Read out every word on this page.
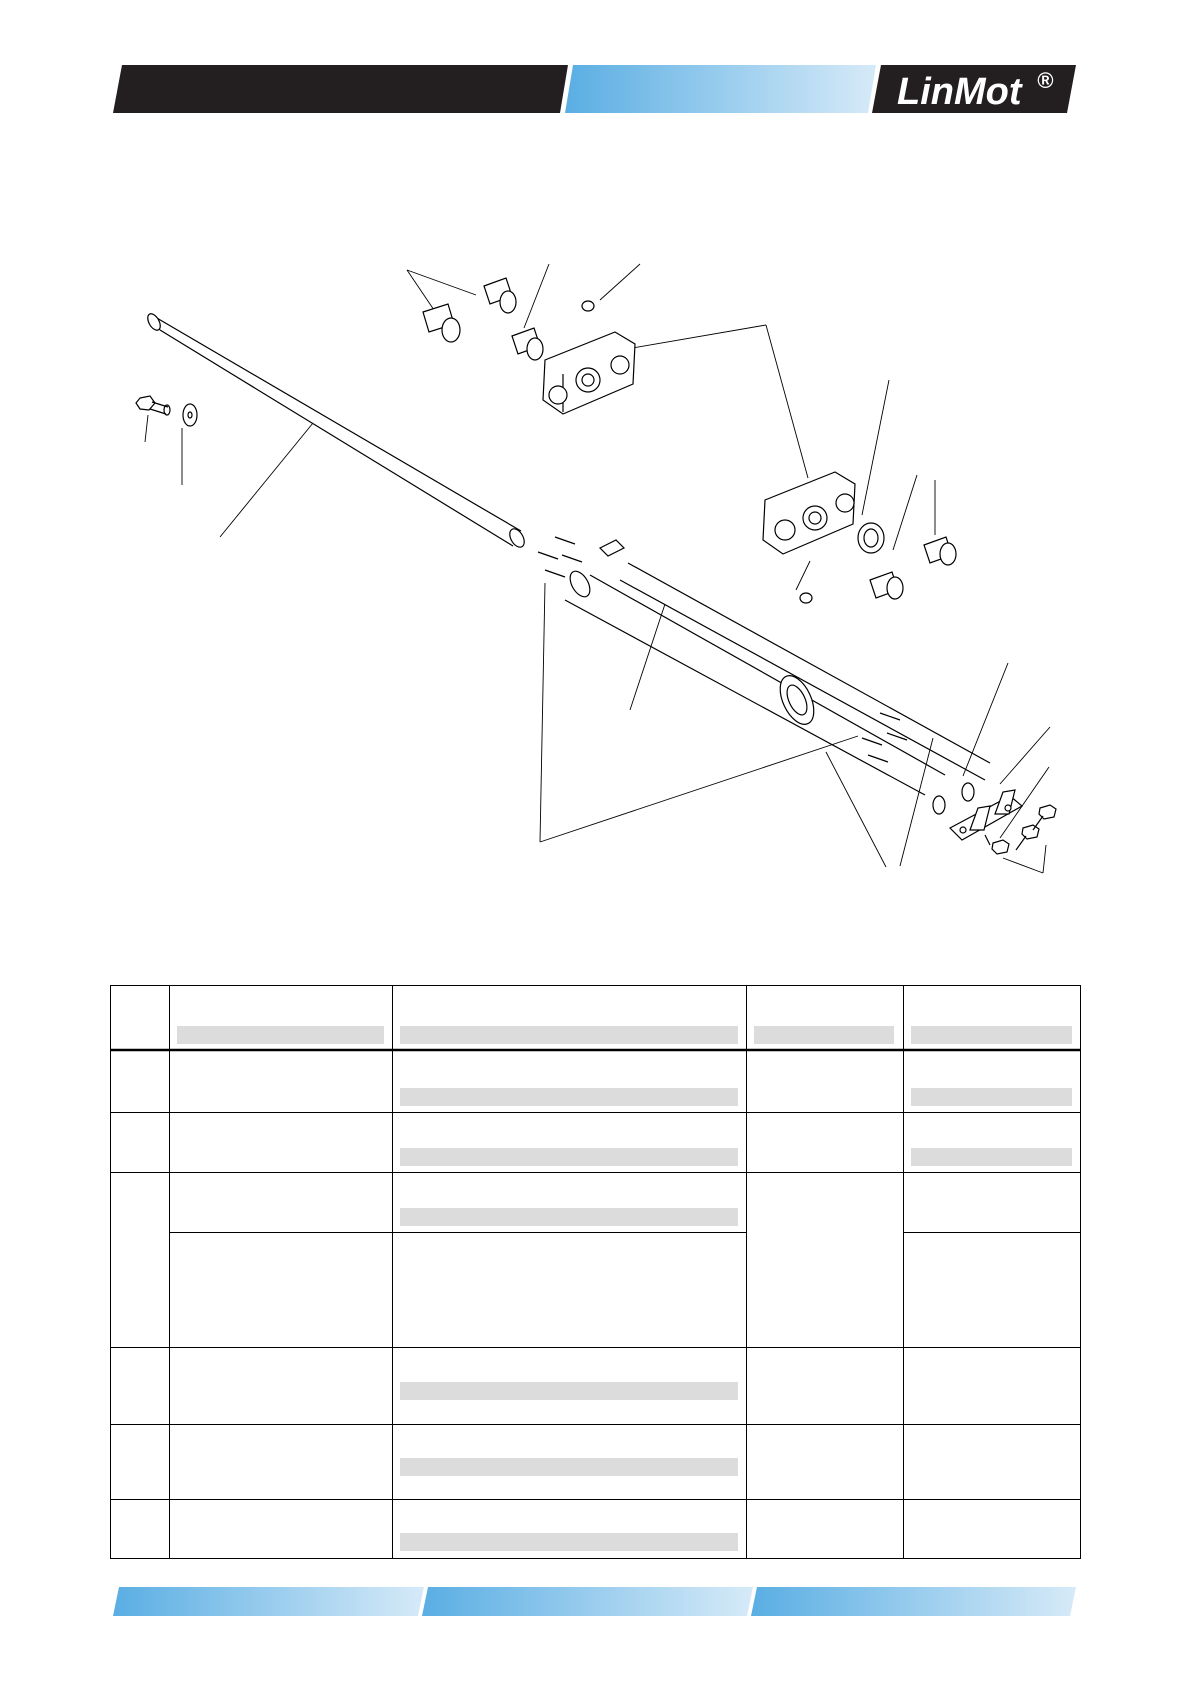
LinMot ®
